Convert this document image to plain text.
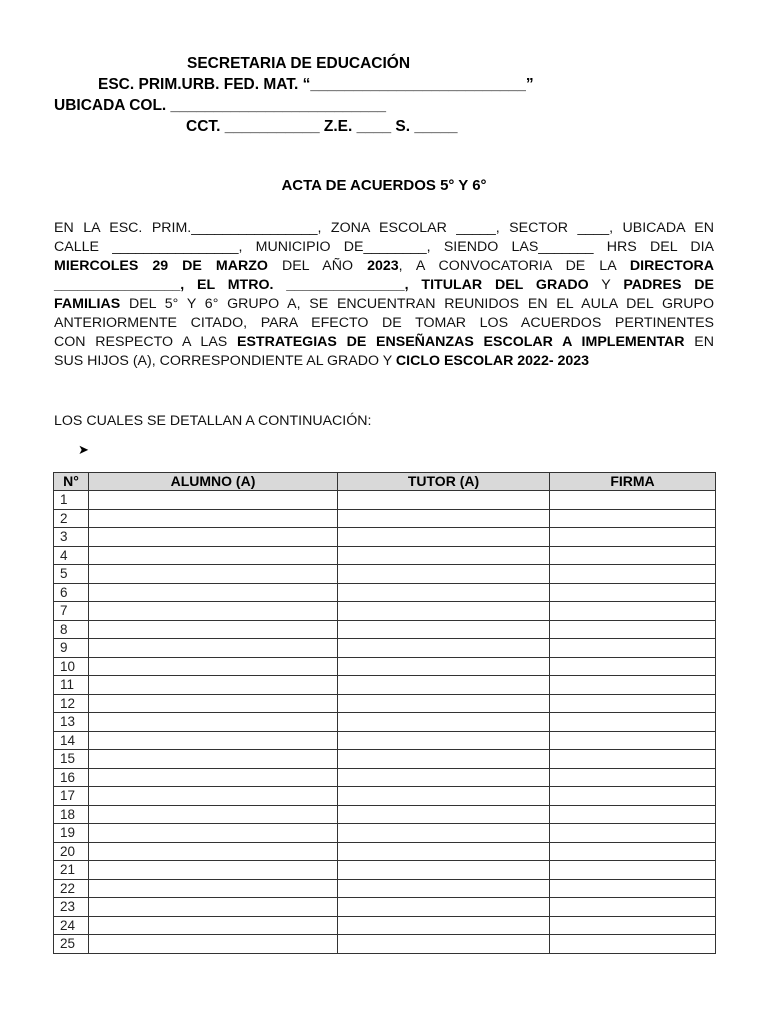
SECRETARIA DE EDUCACIÓN
ESC. PRIM.URB. FED. MAT. “_________________________”
UBICADA COL. _________________________
CCT. ___________ Z.E. ____ S. _____
ACTA DE ACUERDOS 5° Y 6°
EN LA ESC. PRIM.________________, ZONA ESCOLAR _____, SECTOR ____, UBICADA EN
CALLE ________________, MUNICIPIO DE________, SIENDO LAS_______ HRS DEL DIA
MIERCOLES 29 DE MARZO DEL AÑO 2023, A CONVOCATORIA DE LA DIRECTORA
________________, EL MTRO. _______________, TITULAR DEL GRADO Y PADRES DE
FAMILIAS DEL 5° Y 6° GRUPO A, SE ENCUENTRAN REUNIDOS EN EL AULA DEL GRUPO
ANTERIORMENTE CITADO, PARA EFECTO DE TOMAR LOS ACUERDOS PERTINENTES
CON RESPECTO A LAS ESTRATEGIAS DE ENSEÑANZAS ESCOLAR A IMPLEMENTAR EN
SUS HIJOS (A), CORRESPONDIENTE AL GRADO Y CICLO ESCOLAR 2022- 2023
LOS CUALES SE DETALLAN A CONTINUACIÓN:
➤
N°	ALUMNO (A)	TUTOR (A)	FIRMA
1			
2			
3			
4			
5			
6			
7			
8			
9			
10			
11			
12			
13			
14			
15			
16			
17			
18			
19			
20			
21			
22			
23			
24			
25			
